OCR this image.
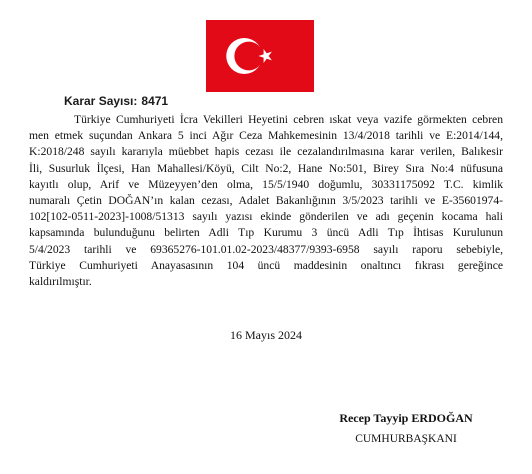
Karar Sayısı: 8471
Türkiye Cumhuriyeti İcra Vekilleri Heyetini cebren ıskat veya vazife görmekten cebren
men etmek suçundan Ankara 5 inci Ağır Ceza Mahkemesinin 13/4/2018 tarihli ve E:2014/144,
K:2018/248 sayılı kararıyla müebbet hapis cezası ile cezalandırılmasına karar verilen, Balıkesir
İli, Susurluk İlçesi, Han Mahallesi/Köyü, Cilt No:2, Hane No:501, Birey Sıra No:4 nüfusuna
kayıtlı olup, Arif ve Müzeyyen’den olma, 15/5/1940 doğumlu, 30331175092 T.C. kimlik
numaralı Çetin DOĞAN’ın kalan cezası, Adalet Bakanlığının 3/5/2023 tarihli ve E-35601974-
102[102-0511-2023]-1008/51313 sayılı yazısı ekinde gönderilen ve adı geçenin kocama hali
kapsamında bulunduğunu belirten Adli Tıp Kurumu 3 üncü Adli Tıp İhtisas Kurulunun
5/4/2023 tarihli ve 69365276-101.01.02-2023/48377/9393-6958 sayılı raporu sebebiyle,
Türkiye Cumhuriyeti Anayasasının 104 üncü maddesinin onaltıncı fıkrası gereğince
kaldırılmıştır.
16 Mayıs 2024
Recep Tayyip ERDOĞAN
CUMHURBAŞKANI
